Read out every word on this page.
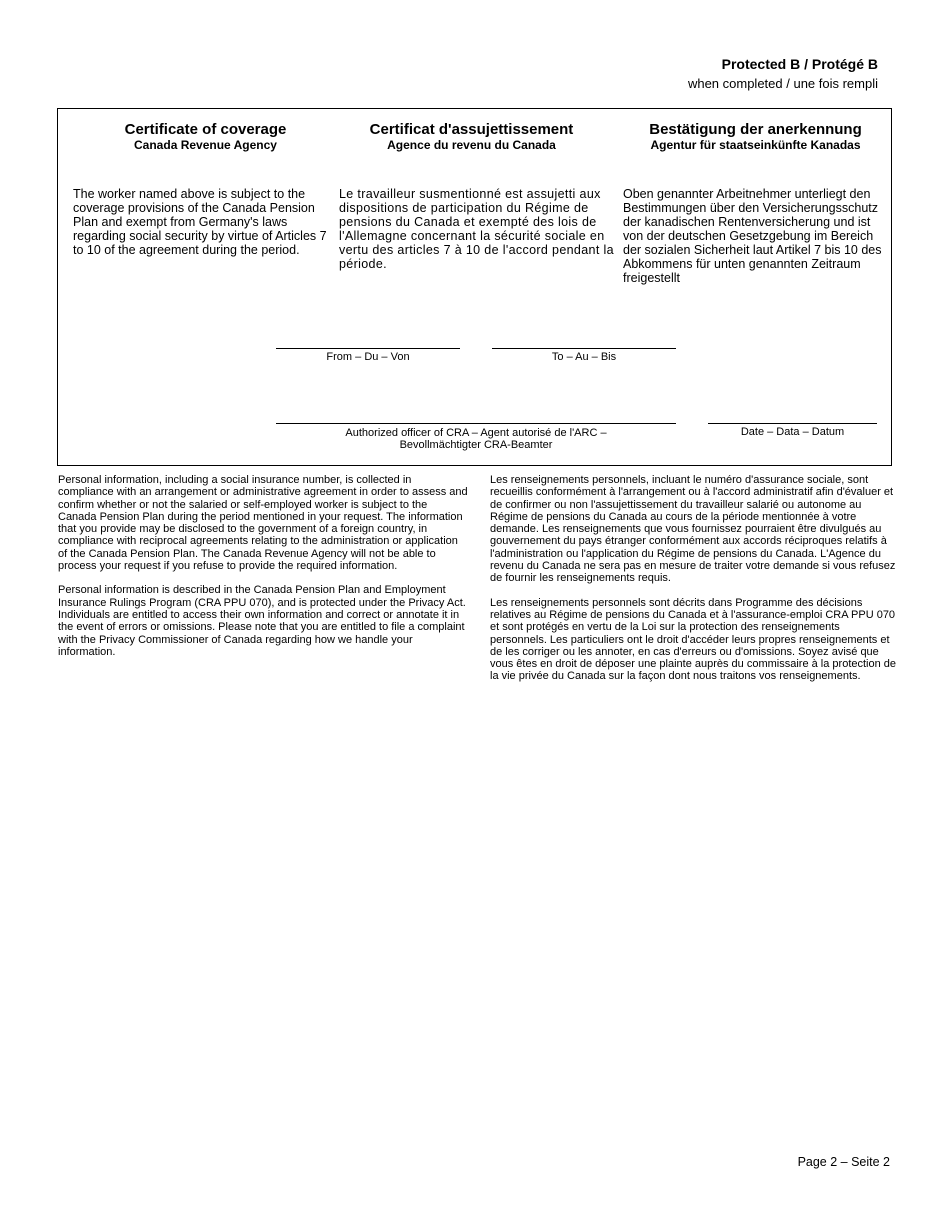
Protected B / Protégé B
when completed / une fois rempli
Certificate of coverage
Canada Revenue Agency
The worker named above is subject to the coverage provisions of the Canada Pension Plan and exempt from Germany's laws regarding social security by virtue of Articles 7 to 10 of the agreement during the period.
Certificat d'assujettissement
Agence du revenu du Canada
Le travailleur susmentionné est assujetti aux dispositions de participation du Régime de pensions du Canada et exempté des lois de l'Allemagne concernant la sécurité sociale en vertu des articles 7 à 10 de l'accord pendant la période.
Bestätigung der anerkennung
Agentur für staatseinkünfte Kanadas
Oben genannter Arbeitnehmer unterliegt den Bestimmungen über den Versicherungsschutz der kanadischen Rentenversicherung und ist von der deutschen Gesetzgebung im Bereich der sozialen Sicherheit laut Artikel 7 bis 10 des Abkommens für unten genannten Zeitraum freigestellt
From – Du – Von	To – Au – Bis
Authorized officer of CRA – Agent autorisé de l'ARC –
Bevollmächtigter CRA-Beamter
Date – Data – Datum

Personal information, including a social insurance number, is collected in compliance with an arrangement or administrative agreement in order to assess and confirm whether or not the salaried or self-employed worker is subject to the Canada Pension Plan during the period mentioned in your request. The information that you provide may be disclosed to the government of a foreign country, in compliance with reciprocal agreements relating to the administration or application of the Canada Pension Plan. The Canada Revenue Agency will not be able to process your request if you refuse to provide the required information.

Personal information is described in the Canada Pension Plan and Employment Insurance Rulings Program (CRA PPU 070), and is protected under the Privacy Act. Individuals are entitled to access their own information and correct or annotate it in the event of errors or omissions. Please note that you are entitled to file a complaint with the Privacy Commissioner of Canada regarding how we handle your information.

Les renseignements personnels, incluant le numéro d'assurance sociale, sont recueillis conformément à l'arrangement ou à l'accord administratif afin d'évaluer et de confirmer ou non l'assujettissement du travailleur salarié ou autonome au Régime de pensions du Canada au cours de la période mentionnée à votre demande. Les renseignements que vous fournissez pourraient être divulgués au gouvernement du pays étranger conformément aux accords réciproques relatifs à l'administration ou l'application du Régime de pensions du Canada. L'Agence du revenu du Canada ne sera pas en mesure de traiter votre demande si vous refusez de fournir les renseignements requis.

Les renseignements personnels sont décrits dans Programme des décisions relatives au Régime de pensions du Canada et à l'assurance-emploi CRA PPU 070 et sont protégés en vertu de la Loi sur la protection des renseignements personnels. Les particuliers ont le droit d'accéder leurs propres renseignements et de les corriger ou les annoter, en cas d'erreurs ou d'omissions. Soyez avisé que vous êtes en droit de déposer une plainte auprès du commissaire à la protection de la vie privée du Canada sur la façon dont nous traitons vos renseignements.

Page 2 – Seite 2
